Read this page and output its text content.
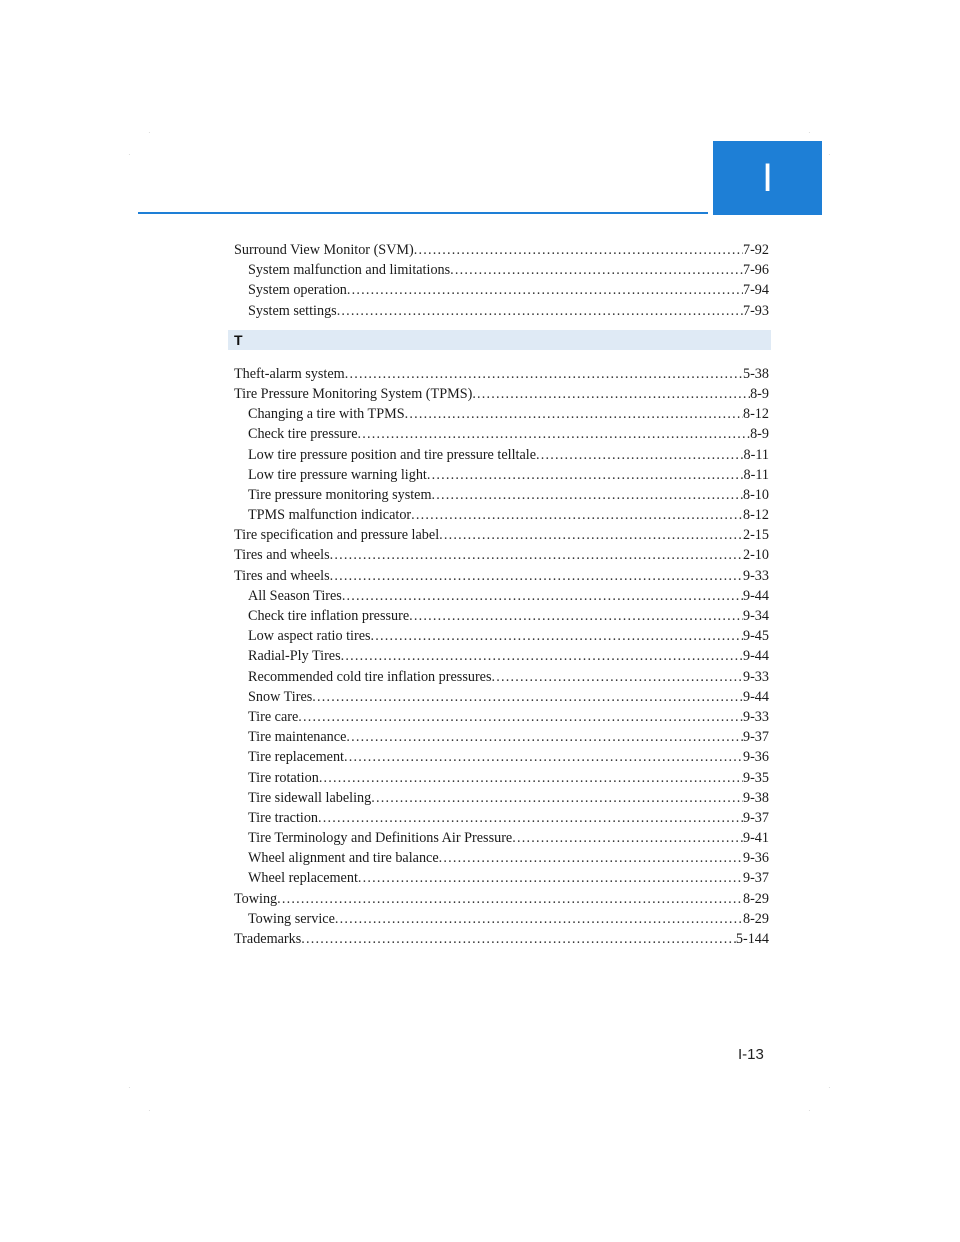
I
Surround View Monitor (SVM) .....	7-92
System malfunction and limitations .....	7-96
System operation .....	7-94
System settings .....	7-93
T
Theft-alarm system .....	5-38
Tire Pressure Monitoring System (TPMS) .....	8-9
Changing a tire with TPMS .....	8-12
Check tire pressure .....	8-9
Low tire pressure position and tire pressure telltale .....	8-11
Low tire pressure warning light .....	8-11
Tire pressure monitoring system .....	8-10
TPMS malfunction indicator .....	8-12
Tire specification and pressure label .....	2-15
Tires and wheels .....	2-10
Tires and wheels .....	9-33
All Season Tires .....	9-44
Check tire inflation pressure .....	9-34
Low aspect ratio tires .....	9-45
Radial-Ply Tires .....	9-44
Recommended cold tire inflation pressures .....	9-33
Snow Tires .....	9-44
Tire care .....	9-33
Tire maintenance .....	9-37
Tire replacement .....	9-36
Tire rotation .....	9-35
Tire sidewall labeling .....	9-38
Tire traction .....	9-37
Tire Terminology and Definitions Air Pressure .....	9-41
Wheel alignment and tire balance .....	9-36
Wheel replacement .....	9-37
Towing .....	8-29
Towing service .....	8-29
Trademarks .....	5-144
I-13
·	·
·	·
·	·
·	·
